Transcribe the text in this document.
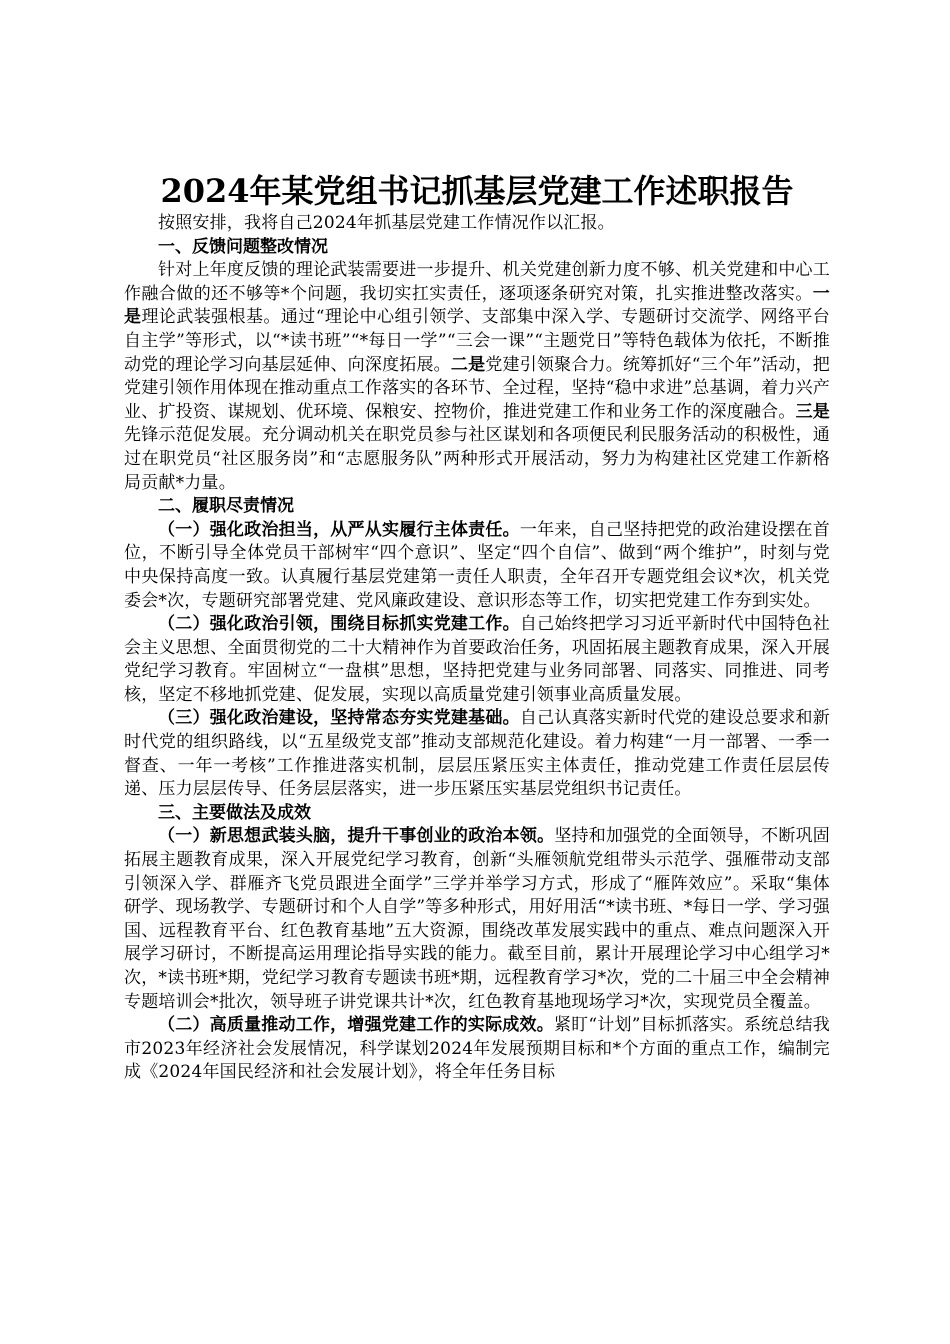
2024年某党组书记抓基层党建工作述职报告

按照安排，我将自己2024年抓基层党建工作情况作以汇报。

一、反馈问题整改情况

针对上年度反馈的理论武装需要进一步提升、机关党建创新力度不够、机关党建和中心工作融合做的还不够等*个问题，我切实扛实责任，逐项逐条研究对策，扎实推进整改落实。一是理论武装强根基。通过“理论中心组引领学、支部集中深入学、专题研讨交流学、网络平台自主学”等形式，以“*读书班”“*每日一学”“三会一课”“主题党日”等特色载体为依托，不断推动党的理论学习向基层延伸、向深度拓展。二是党建引领聚合力。统筹抓好“三个年”活动，把党建引领作用体现在推动重点工作落实的各环节、全过程，坚持“稳中求进”总基调，着力兴产业、扩投资、谋规划、优环境、保粮安、控物价，推进党建工作和业务工作的深度融合。三是先锋示范促发展。充分调动机关在职党员参与社区谋划和各项便民利民服务活动的积极性，通过在职党员“社区服务岗”和“志愿服务队”两种形式开展活动，努力为构建社区党建工作新格局贡献*力量。

二、履职尽责情况

（一）强化政治担当，从严从实履行主体责任。一年来，自己坚持把党的政治建设摆在首位，不断引导全体党员干部树牢“四个意识”、坚定“四个自信”、做到“两个维护”，时刻与党中央保持高度一致。认真履行基层党建第一责任人职责，全年召开专题党组会议*次，机关党委会*次，专题研究部署党建、党风廉政建设、意识形态等工作，切实把党建工作夯到实处。

（二）强化政治引领，围绕目标抓实党建工作。自己始终把学习习近平新时代中国特色社会主义思想、全面贯彻党的二十大精神作为首要政治任务，巩固拓展主题教育成果，深入开展党纪学习教育。牢固树立“一盘棋”思想，坚持把党建与业务同部署、同落实、同推进、同考核，坚定不移地抓党建、促发展，实现以高质量党建引领事业高质量发展。

（三）强化政治建设，坚持常态夯实党建基础。自己认真落实新时代党的建设总要求和新时代党的组织路线，以“五星级党支部”推动支部规范化建设。着力构建“一月一部署、一季一督查、一年一考核”工作推进落实机制，层层压紧压实主体责任，推动党建工作责任层层传递、压力层层传导、任务层层落实，进一步压紧压实基层党组织书记责任。

三、主要做法及成效

（一）新思想武装头脑，提升干事创业的政治本领。坚持和加强党的全面领导，不断巩固拓展主题教育成果，深入开展党纪学习教育，创新“头雁领航党组带头示范学、强雁带动支部引领深入学、群雁齐飞党员跟进全面学”三学并举学习方式，形成了“雁阵效应”。采取“集体研学、现场教学、专题研讨和个人自学”等多种形式，用好用活“*读书班、*每日一学、学习强国、远程教育平台、红色教育基地”五大资源，围绕改革发展实践中的重点、难点问题深入开展学习研讨，不断提高运用理论指导实践的能力。截至目前，累计开展理论学习中心组学习*次，*读书班*期，党纪学习教育专题读书班*期，远程教育学习*次，党的二十届三中全会精神专题培训会*批次，领导班子讲党课共计*次，红色教育基地现场学习*次，实现党员全覆盖。

（二）高质量推动工作，增强党建工作的实际成效。紧盯“计划”目标抓落实。系统总结我市2023年经济社会发展情况，科学谋划2024年发展预期目标和*个方面的重点工作，编制完成《2024年国民经济和社会发展计划》，将全年任务目标
